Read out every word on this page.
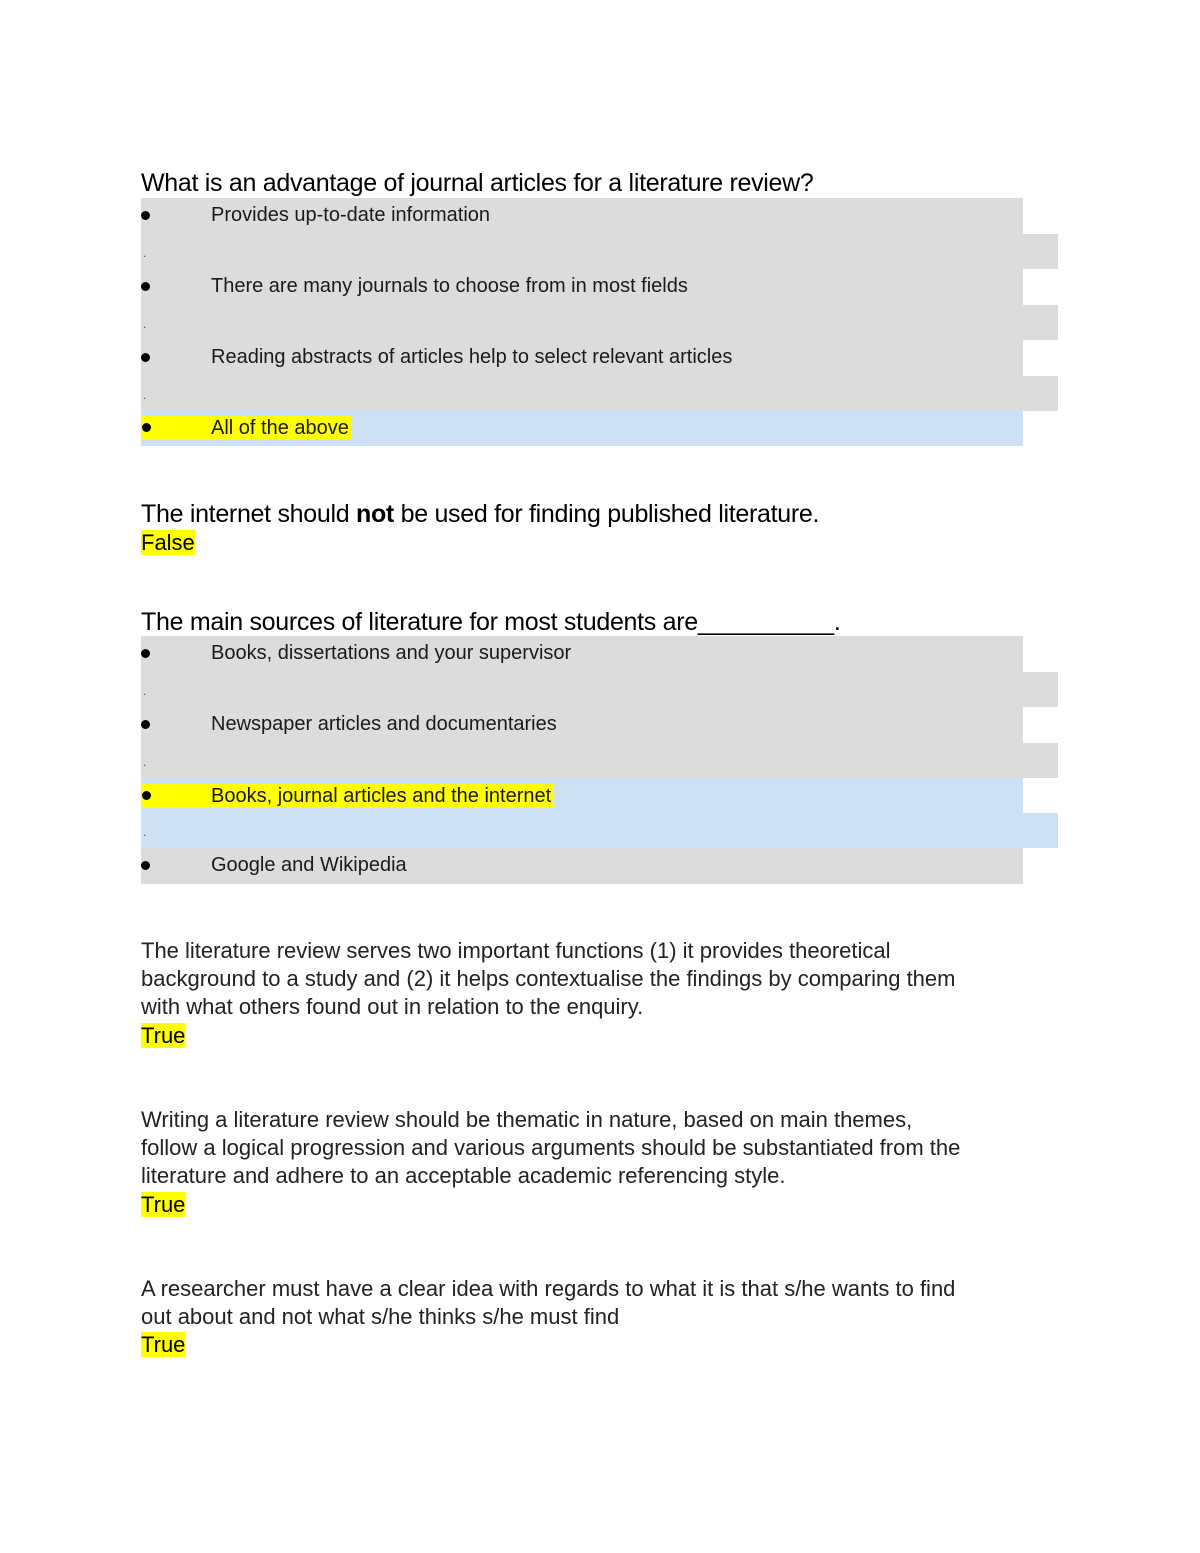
What is an advantage of journal articles for a literature review?
Provides up-to-date information
.
There are many journals to choose from in most fields
.
Reading abstracts of articles help to select relevant articles
.
All of the above
The internet should not be used for finding published literature.
False
The main sources of literature for most students are__________.
Books, dissertations and your supervisor
.
Newspaper articles and documentaries
.
Books, journal articles and the internet
.
Google and Wikipedia

The literature review serves two important functions (1) it provides theoretical
background to a study and (2) it helps contextualise the findings by comparing them
with what others found out in relation to the enquiry.

True

Writing a literature review should be thematic in nature, based on main themes,
follow a logical progression and various arguments should be substantiated from the
literature and adhere to an acceptable academic referencing style.

True

A researcher must have a clear idea with regards to what it is that s/he wants to find
out about and not what s/he thinks s/he must find

True
